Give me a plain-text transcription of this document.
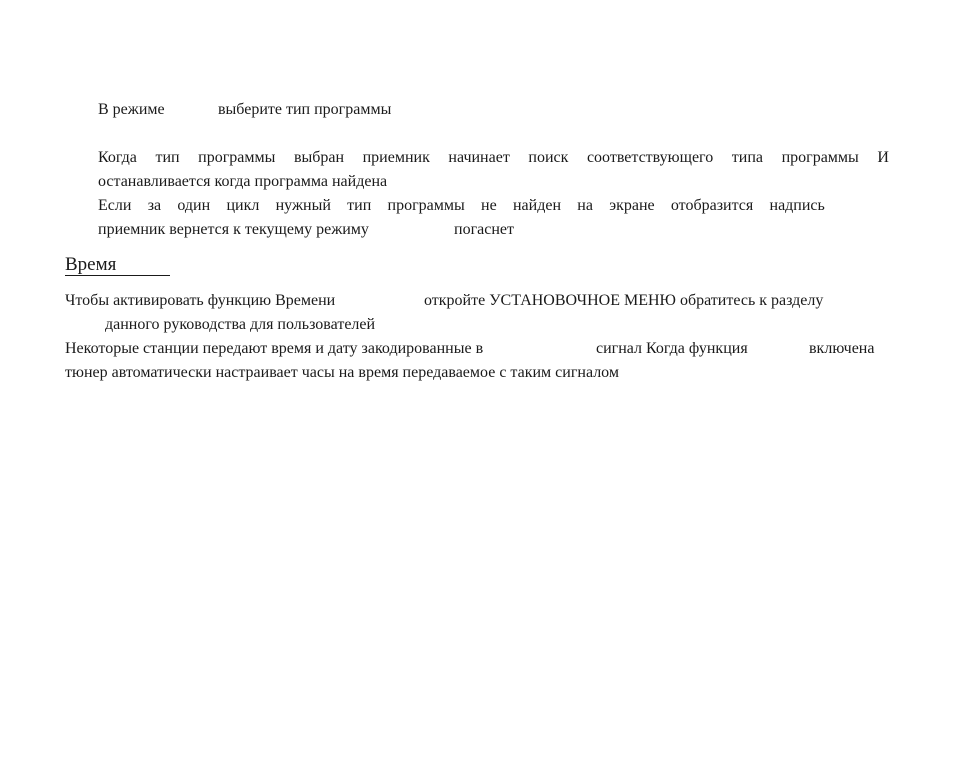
В режиме	выберите тип программы
Когда тип программы выбран приемник начинает поиск соответствующего типа программы И
останавливается когда программа найдена
Если за один цикл нужный тип программы не найден на экране отобразится надпись
приемник вернется к текущему режиму	погаснет
Время
Чтобы активировать функцию Времени	откройте УСТАНОВОЧНОЕ МЕНЮ обратитесь к разделу
данного руководства для пользователей
Некоторые станции передают время и дату закодированные в	сигнал Когда функция	включена
тюнер автоматически настраивает часы на время передаваемое с таким сигналом
